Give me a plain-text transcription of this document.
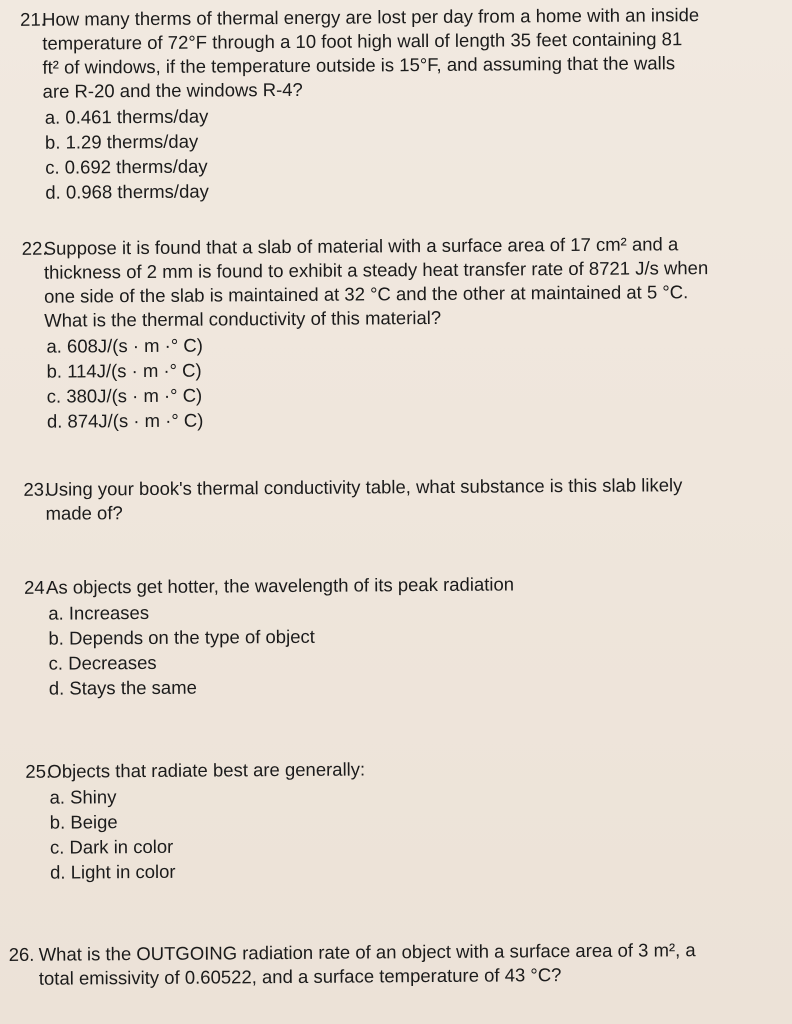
21.
How many therms of thermal energy are lost per day from a home with an inside
temperature of 72°F through a 10 foot high wall of length 35 feet containing 81
ft² of windows, if the temperature outside is 15°F, and assuming that the walls
are R-20 and the windows R-4?
a. 0.461 therms/day
b. 1.29 therms/day
c. 0.692 therms/day
d. 0.968 therms/day
22.
Suppose it is found that a slab of material with a surface area of 17 cm² and a
thickness of 2 mm is found to exhibit a steady heat transfer rate of 8721 J/s when
one side of the slab is maintained at 32 °C and the other at maintained at 5 °C.
What is the thermal conductivity of this material?
a. 608J/(s · m ·° C)
b. 114J/(s · m ·° C)
c. 380J/(s · m ·° C)
d. 874J/(s · m ·° C)
23.
Using your book's thermal conductivity table, what substance is this slab likely
made of?
24.
As objects get hotter, the wavelength of its peak radiation
a. Increases
b. Depends on the type of object
c. Decreases
d. Stays the same
25.
Objects that radiate best are generally:
a. Shiny
b. Beige
c. Dark in color
d. Light in color
26. What is the OUTGOING radiation rate of an object with a surface area of 3 m², a
total emissivity of 0.60522, and a surface temperature of 43 °C?
